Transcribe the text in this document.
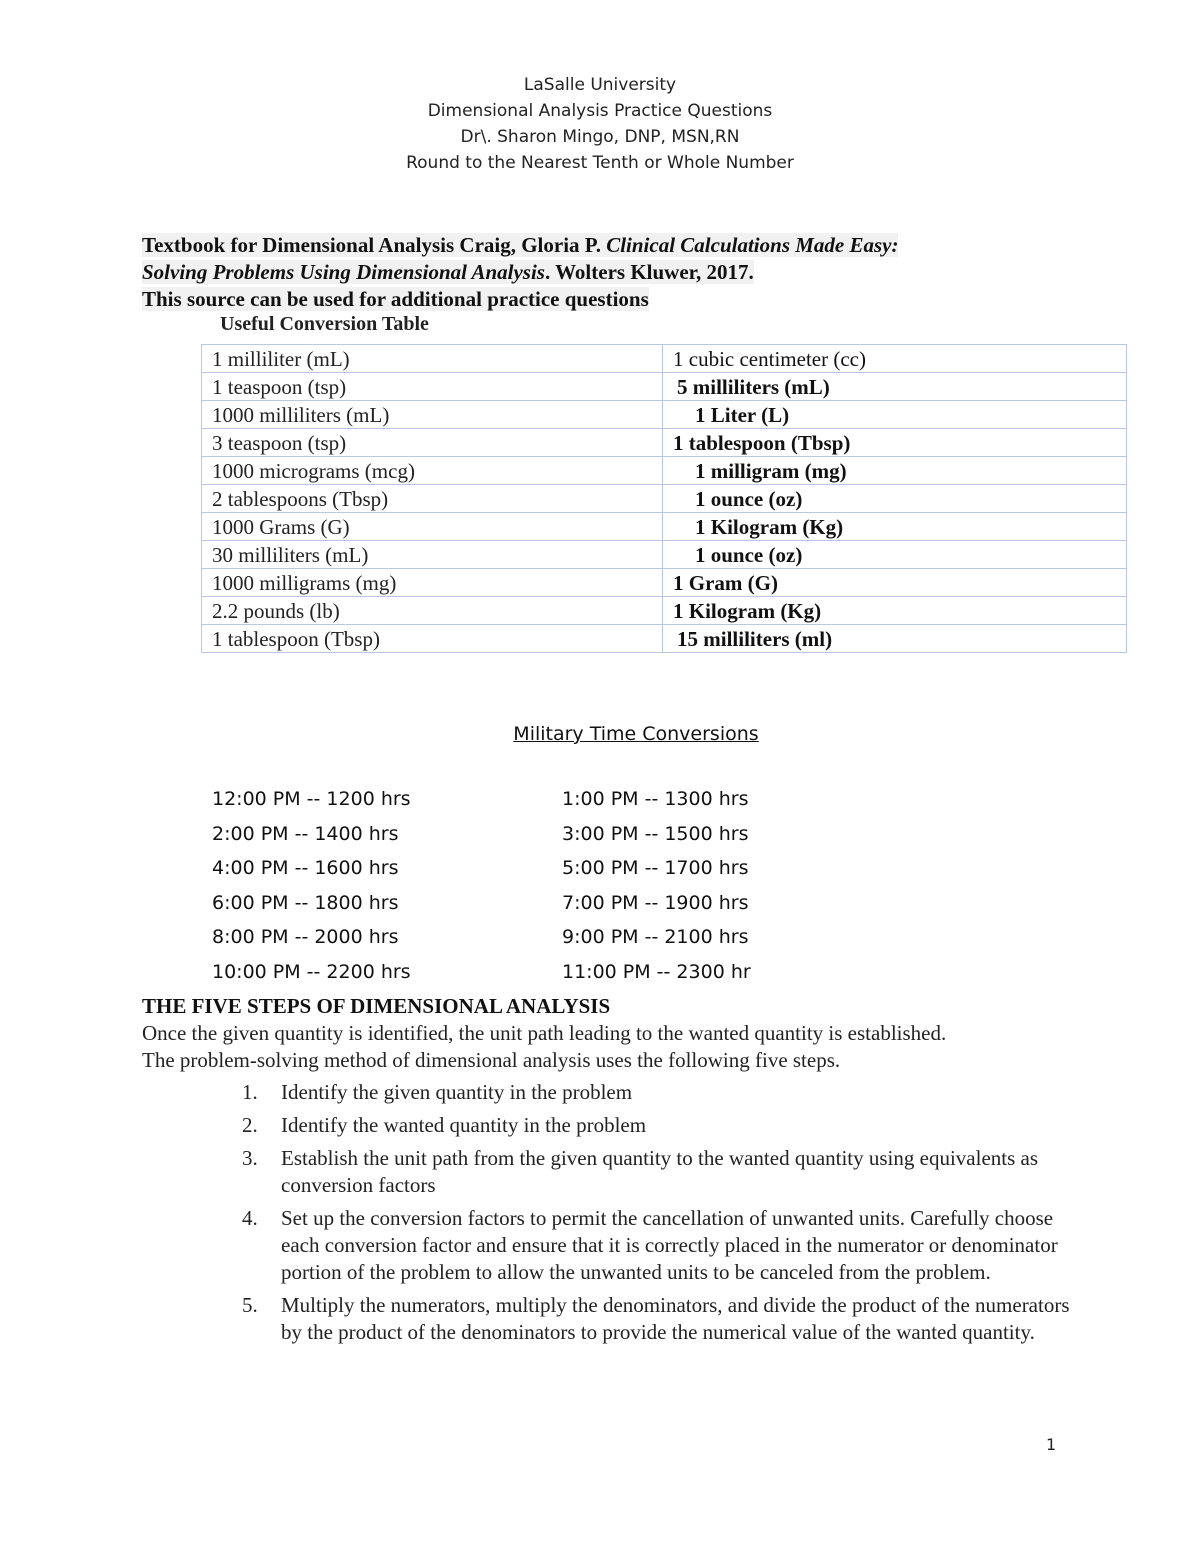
LaSalle University
Dimensional Analysis Practice Questions
Dr\. Sharon Mingo, DNP, MSN,RN
Round to the Nearest Tenth or Whole Number
Textbook for Dimensional Analysis Craig, Gloria P. Clinical Calculations Made Easy:
Solving Problems Using Dimensional Analysis. Wolters Kluwer, 2017.
This source can be used for additional practice questions
Useful Conversion Table
1 milliliter (mL)	1 cubic centimeter (cc)
1 teaspoon (tsp)	5 milliliters (mL)
1000 milliliters (mL)	1 Liter (L)
3 teaspoon (tsp)	1 tablespoon (Tbsp)
1000 micrograms (mcg)	1 milligram (mg)
2 tablespoons (Tbsp)	1 ounce (oz)
1000 Grams (G)	1 Kilogram (Kg)
30 milliliters (mL)	1 ounce (oz)
1000 milligrams (mg)	1 Gram (G)
2.2 pounds (lb)	1 Kilogram (Kg)
1 tablespoon (Tbsp)	15 milliliters (ml)
Military Time Conversions
12:00 PM -- 1200 hrs	1:00 PM -- 1300 hrs
2:00 PM -- 1400 hrs	3:00 PM -- 1500 hrs
4:00 PM -- 1600 hrs	5:00 PM -- 1700 hrs
6:00 PM -- 1800 hrs	7:00 PM -- 1900 hrs
8:00 PM -- 2000 hrs	9:00 PM -- 2100 hrs
10:00 PM -- 2200 hrs	11:00 PM -- 2300 hr
THE FIVE STEPS OF DIMENSIONAL ANALYSIS
Once the given quantity is identified, the unit path leading to the wanted quantity is established.
The problem-solving method of dimensional analysis uses the following five steps.
1.	Identify the given quantity in the problem
2.	Identify the wanted quantity in the problem
3.	Establish the unit path from the given quantity to the wanted quantity using equivalents as conversion factors
4.	Set up the conversion factors to permit the cancellation of unwanted units. Carefully choose each conversion factor and ensure that it is correctly placed in the numerator or denominator portion of the problem to allow the unwanted units to be canceled from the problem.
5.	Multiply the numerators, multiply the denominators, and divide the product of the numerators by the product of the denominators to provide the numerical value of the wanted quantity.
1
